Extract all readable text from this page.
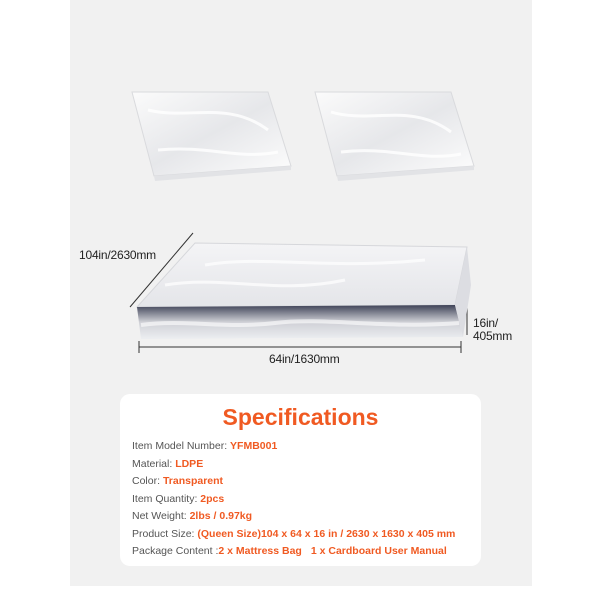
104in/2630mm
64in/1630mm
16in/
405mm
Specifications
Item Model Number: YFMB001
Material: LDPE
Color: Transparent
Item Quantity: 2pcs
Net Weight: 2lbs / 0.97kg
Product Size: (Queen Size)104 x 64 x 16 in / 2630 x 1630 x 405 mm
Package Content :2 x Mattress Bag 1 x Cardboard User Manual
